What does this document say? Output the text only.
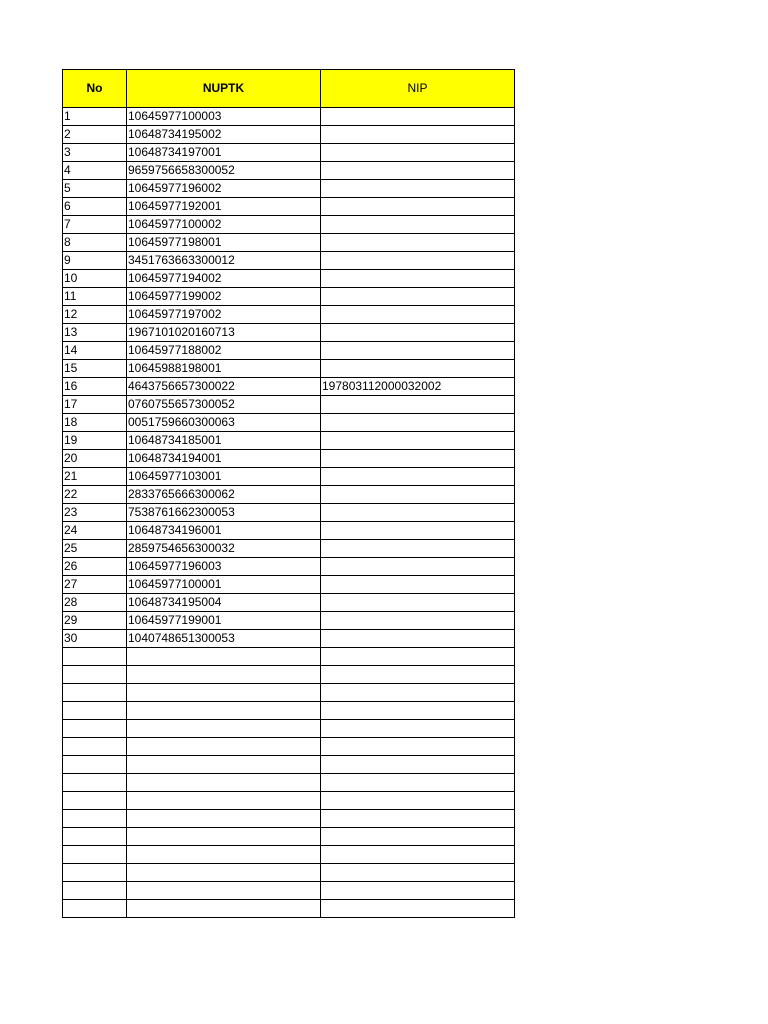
No	NUPTK	NIP
1	10645977100003	
2	10648734195002	
3	10648734197001	
4	9659756658300052	
5	10645977196002	
6	10645977192001	
7	10645977100002	
8	10645977198001	
9	3451763663300012	
10	10645977194002	
11	10645977199002	
12	10645977197002	
13	1967101020160713	
14	10645977188002	
15	10645988198001	
16	4643756657300022	197803112000032002
17	0760755657300052	
18	0051759660300063	
19	10648734185001	
20	10648734194001	
21	10645977103001	
22	2833765666300062	
23	7538761662300053	
24	10648734196001	
25	2859754656300032	
26	10645977196003	
27	10645977100001	
28	10648734195004	
29	10645977199001	
30	1040748651300053	
